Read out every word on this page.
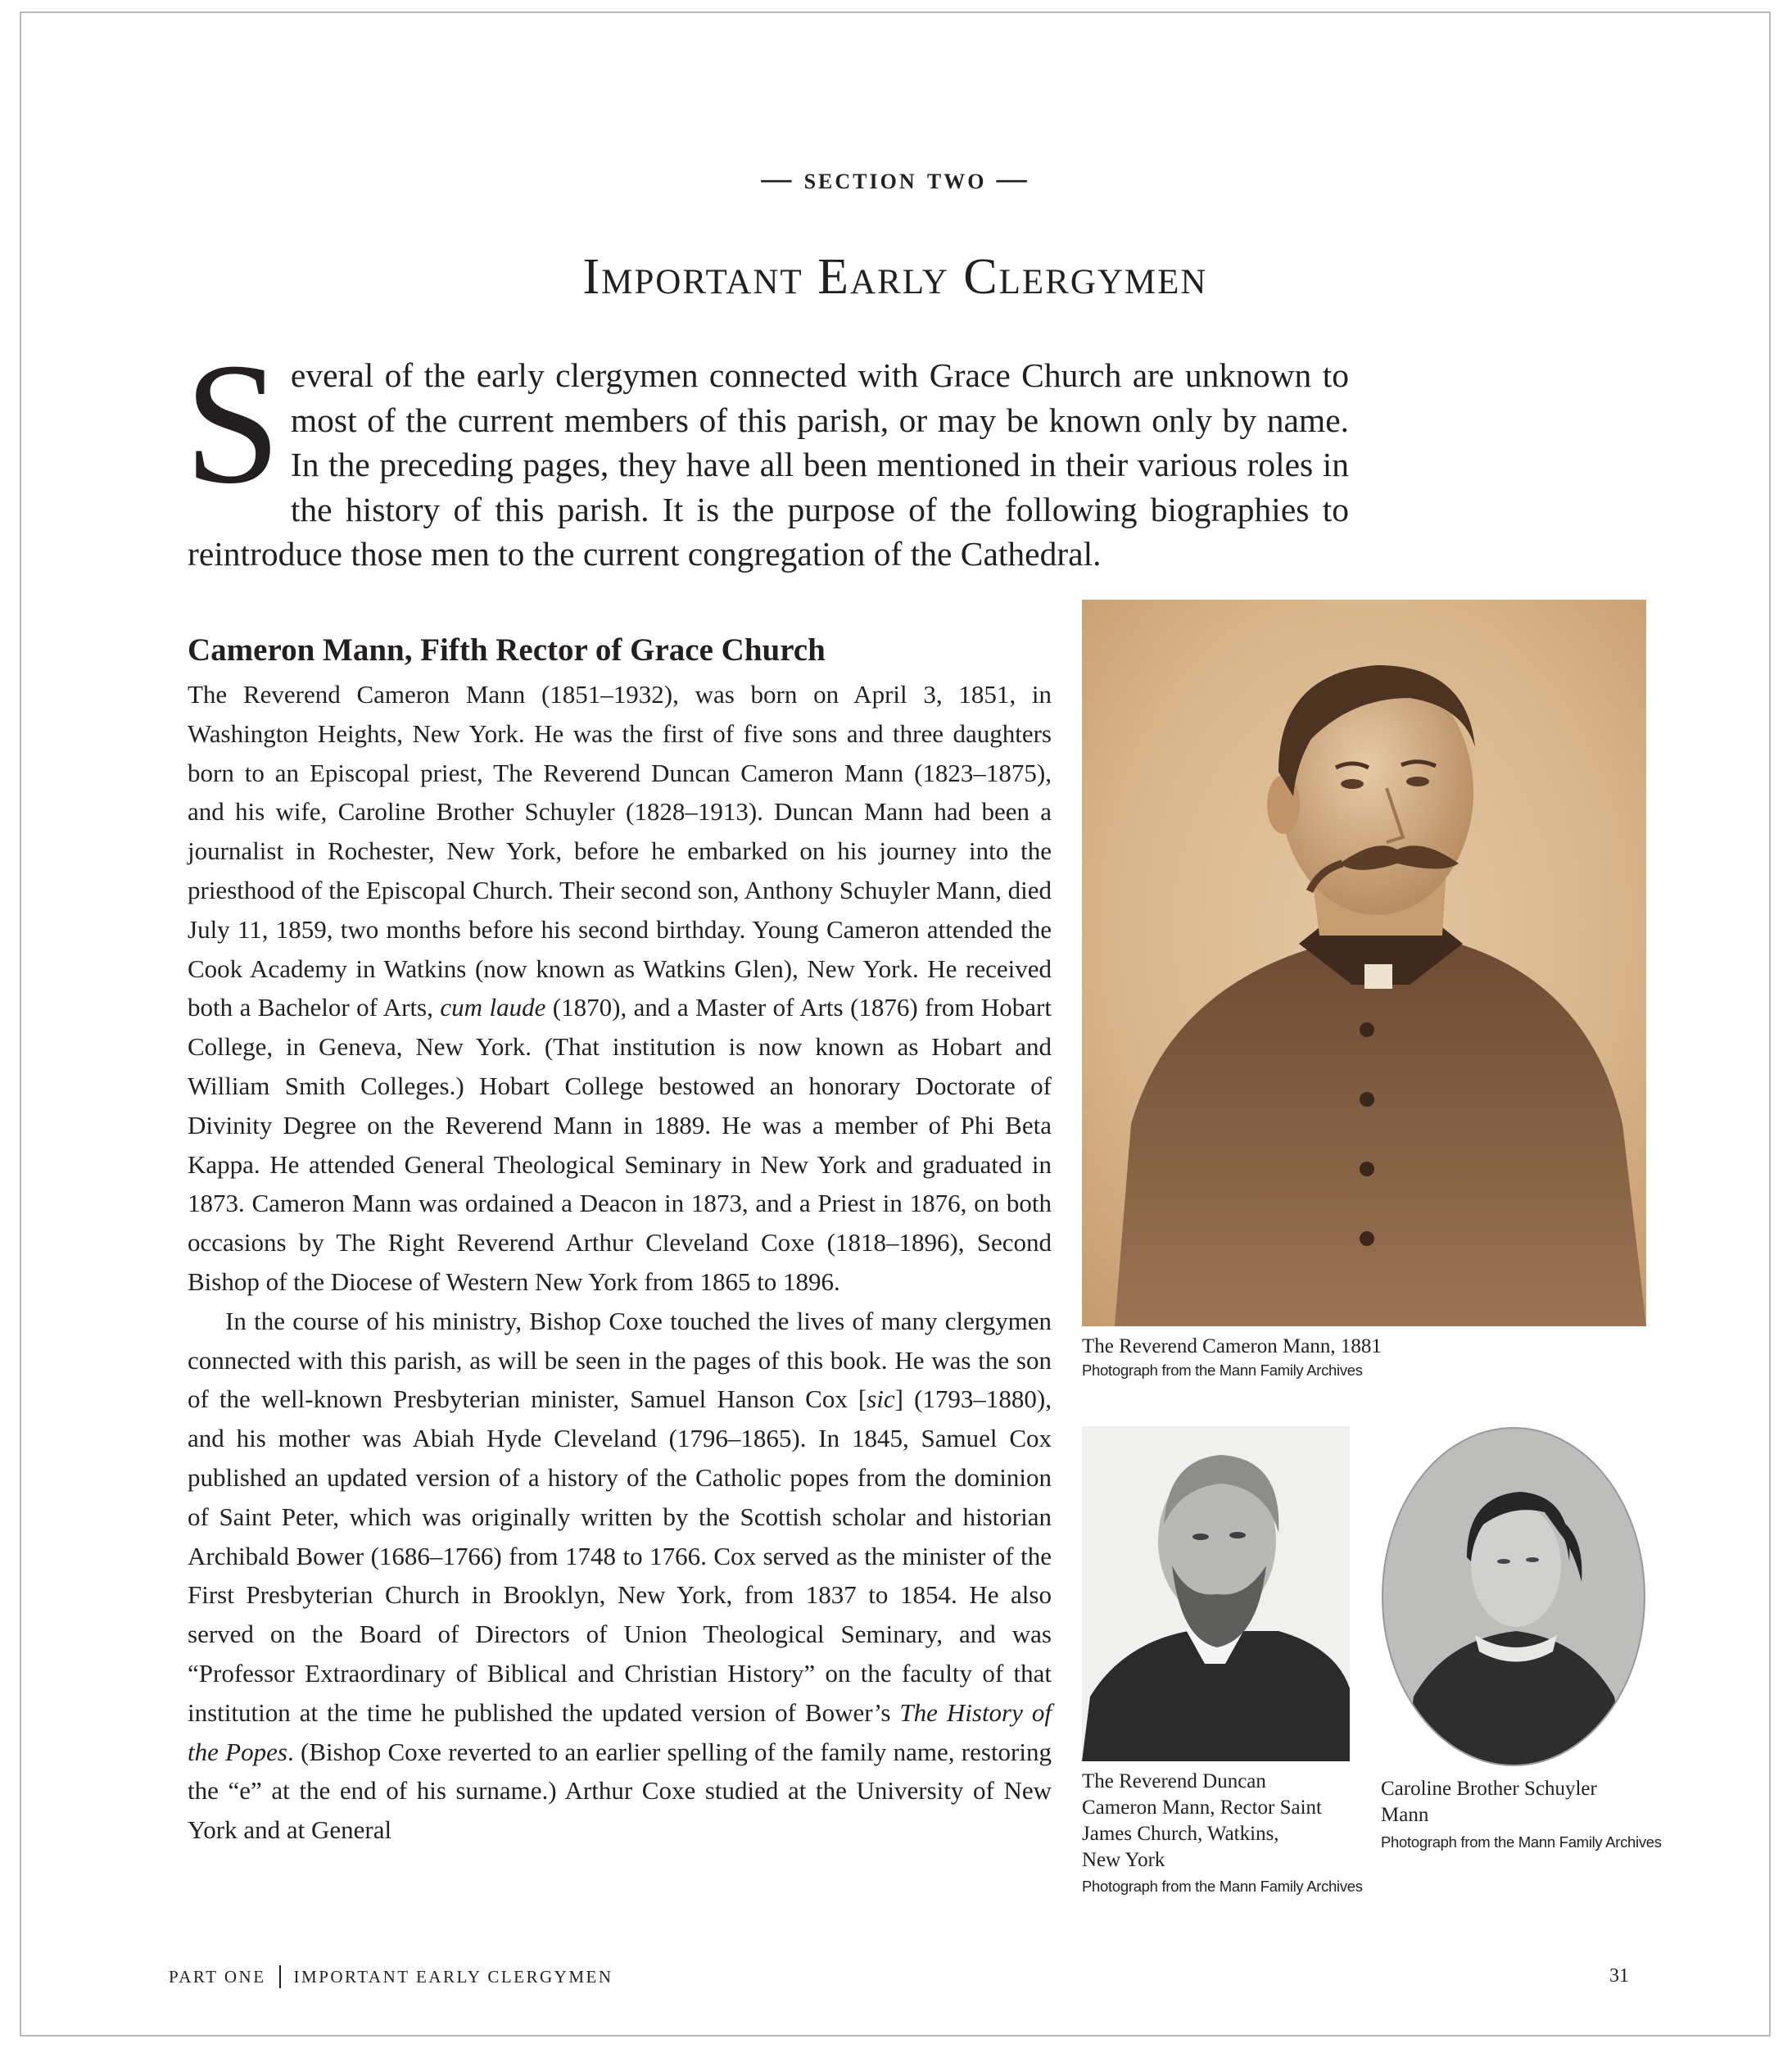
— section two —
Important Early Clergymen
Several of the early clergymen connected with Grace Church are unknown to most of the current members of this parish, or may be known only by name. In the preceding pages, they have all been mentioned in their various roles in the history of this parish. It is the purpose of the following biographies to reintroduce those men to the current congregation of the Cathedral.
Cameron Mann, Fifth Rector of Grace Church

The Reverend Cameron Mann (1851–1932), was born on April 3, 1851, in Washington Heights, New York. He was the first of five sons and three daughters born to an Episcopal priest, The Reverend Duncan Cameron Mann (1823–1875), and his wife, Caroline Brother Schuyler (1828–1913). Duncan Mann had been a journalist in Rochester, New York, before he embarked on his journey into the priesthood of the Episcopal Church. Their second son, Anthony Schuyler Mann, died July 11, 1859, two months before his second birthday. Young Cameron attended the Cook Academy in Watkins (now known as Watkins Glen), New York. He received both a Bachelor of Arts, cum laude (1870), and a Master of Arts (1876) from Hobart College, in Geneva, New York. (That institution is now known as Hobart and William Smith Colleges.) Hobart College bestowed an honorary Doctorate of Divinity Degree on the Reverend Mann in 1889. He was a member of Phi Beta Kappa. He attended General Theological Seminary in New York and graduated in 1873. Cameron Mann was ordained a Deacon in 1873, and a Priest in 1876, on both occasions by The Right Reverend Arthur Cleveland Coxe (1818–1896), Second Bishop of the Diocese of Western New York from 1865 to 1896.

In the course of his ministry, Bishop Coxe touched the lives of many clergymen connected with this parish, as will be seen in the pages of this book. He was the son of the well-known Presbyterian minister, Samuel Hanson Cox [sic] (1793–1880), and his mother was Abiah Hyde Cleveland (1796–1865). In 1845, Samuel Cox published an updated version of a history of the Catholic popes from the dominion of Saint Peter, which was originally written by the Scottish scholar and historian Archibald Bower (1686–1766) from 1748 to 1766. Cox served as the minister of the First Presbyterian Church in Brooklyn, New York, from 1837 to 1854. He also served on the Board of Directors of Union Theological Seminary, and was “Professor Extraordinary of Biblical and Christian History” on the faculty of that institution at the time he published the updated version of Bower’s The History of the Popes. (Bishop Coxe reverted to an earlier spelling of the family name, restoring the “e” at the end of his surname.) Arthur Coxe studied at the University of New York and at General

The Reverend Cameron Mann, 1881
Photograph from the Mann Family Archives
The Reverend Duncan
Cameron Mann, Rector Saint
James Church, Watkins,
New York
Photograph from the Mann Family Archives
Caroline Brother Schuyler
Mann
Photograph from the Mann Family Archives
PART ONE IMPORTANT EARLY CLERGYMEN	31
